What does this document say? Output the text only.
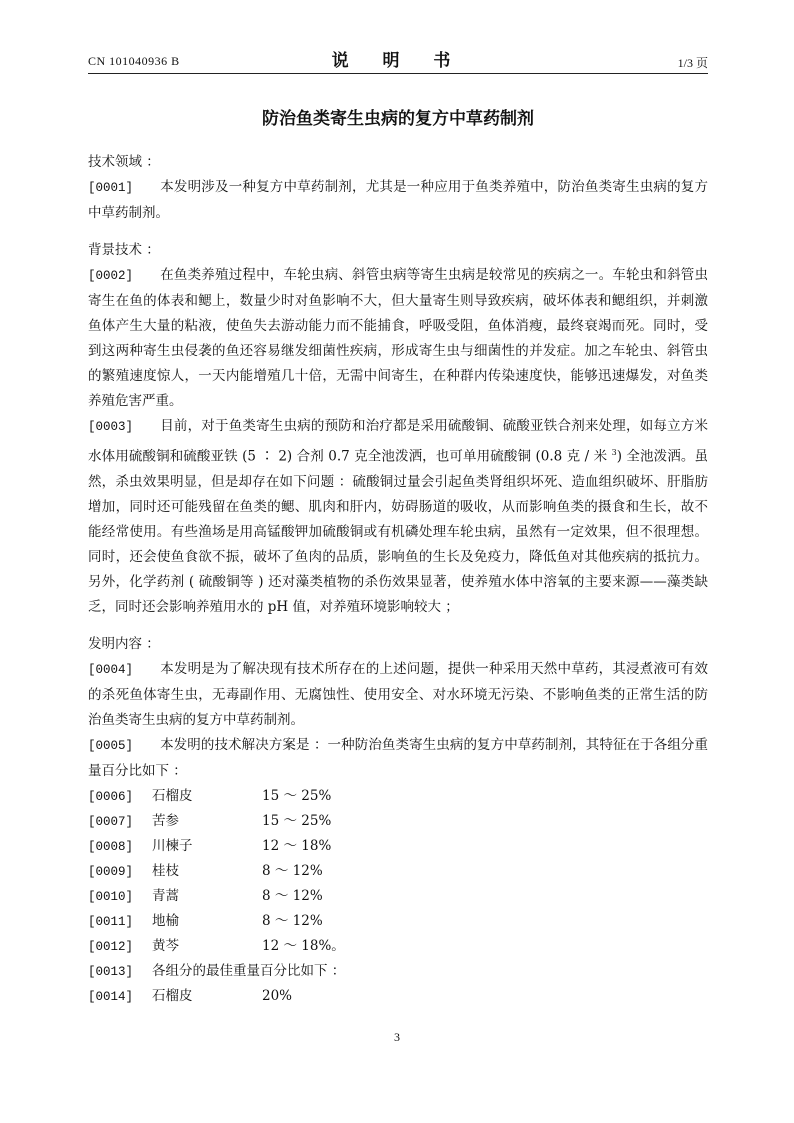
CN 101040936 B	说 明 书	1/3 页
防治鱼类寄生虫病的复方中草药制剂
技术领域 ：
[0001] 本发明涉及一种复方中草药制剂，尤其是一种应用于鱼类养殖中，防治鱼类寄生虫病的复方中草药制剂。
背景技术 ：
[0002] 在鱼类养殖过程中，车轮虫病、斜管虫病等寄生虫病是较常见的疾病之一。车轮虫和斜管虫寄生在鱼的体表和鳃上，数量少时对鱼影响不大，但大量寄生则导致疾病，破坏体表和鳃组织，并刺激鱼体产生大量的粘液，使鱼失去游动能力而不能捕食，呼吸受阻，鱼体消瘦，最终衰竭而死。同时，受到这两种寄生虫侵袭的鱼还容易继发细菌性疾病，形成寄生虫与细菌性的并发症。加之车轮虫、斜管虫的繁殖速度惊人，一天内能增殖几十倍，无需中间寄生，在种群内传染速度快，能够迅速爆发，对鱼类养殖危害严重。
[0003] 目前，对于鱼类寄生虫病的预防和治疗都是采用硫酸铜、硫酸亚铁合剂来处理，如每立方米水体用硫酸铜和硫酸亚铁 (5 ∶ 2) 合剂 0.7 克全池泼洒，也可单用硫酸铜 (0.8 克 / 米 $^3$) 全池泼洒。虽然，杀虫效果明显，但是却存在如下问题 ：硫酸铜过量会引起鱼类肾组织坏死、造血组织破坏、肝脂肪增加，同时还可能残留在鱼类的鳃、肌肉和肝内，妨碍肠道的吸收，从而影响鱼类的摄食和生长，故不能经常使用。有些渔场是用高锰酸钾加硫酸铜或有机磷处理车轮虫病，虽然有一定效果，但不很理想。同时，还会使鱼食欲不振，破坏了鱼肉的品质，影响鱼的生长及免疫力，降低鱼对其他疾病的抵抗力。另外，化学药剂 ( 硫酸铜等 ) 还对藻类植物的杀伤效果显著，使养殖水体中溶氧的主要来源——藻类缺乏，同时还会影响养殖用水的 pH 值，对养殖环境影响较大 ；
发明内容 ：
[0004] 本发明是为了解决现有技术所存在的上述问题，提供一种采用天然中草药，其浸煮液可有效的杀死鱼体寄生虫，无毒副作用、无腐蚀性、使用安全、对水环境无污染、不影响鱼类的正常生活的防治鱼类寄生虫病的复方中草药制剂。
[0005] 本发明的技术解决方案是 ：一种防治鱼类寄生虫病的复方中草药制剂，其特征在于各组分重量百分比如下 ：
[0006] 石榴皮	15 ～ 25%
[0007] 苦参	15 ～ 25%
[0008] 川楝子	12 ～ 18%
[0009] 桂枝	8 ～ 12%
[0010] 青蒿	8 ～ 12%
[0011] 地榆	8 ～ 12%
[0012] 黄芩	12 ～ 18%。
[0013] 各组分的最佳重量百分比如下 ：
[0014] 石榴皮	20%
3
